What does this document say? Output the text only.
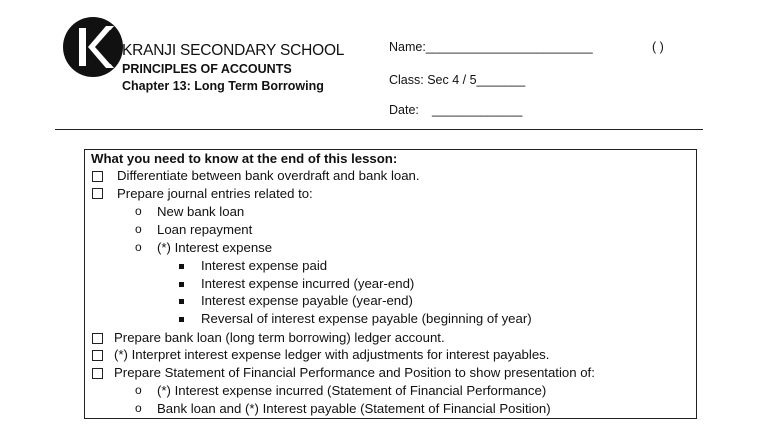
KRANJI SECONDARY SCHOOL
PRINCIPLES OF ACCOUNTS
Chapter 13: Long Term Borrowing
Name:________________________	( )
Class: Sec 4 / 5_______
Date: _____________
What you need to know at the end of this lesson:
Differentiate between bank overdraft and bank loan.
Prepare journal entries related to:
o New bank loan
o Loan repayment
o (*) Interest expense
Interest expense paid
Interest expense incurred (year-end)
Interest expense payable (year-end)
Reversal of interest expense payable (beginning of year)
Prepare bank loan (long term borrowing) ledger account.
(*) Interpret interest expense ledger with adjustments for interest payables.
Prepare Statement of Financial Performance and Position to show presentation of:
o (*) Interest expense incurred (Statement of Financial Performance)
o Bank loan and (*) Interest payable (Statement of Financial Position)
